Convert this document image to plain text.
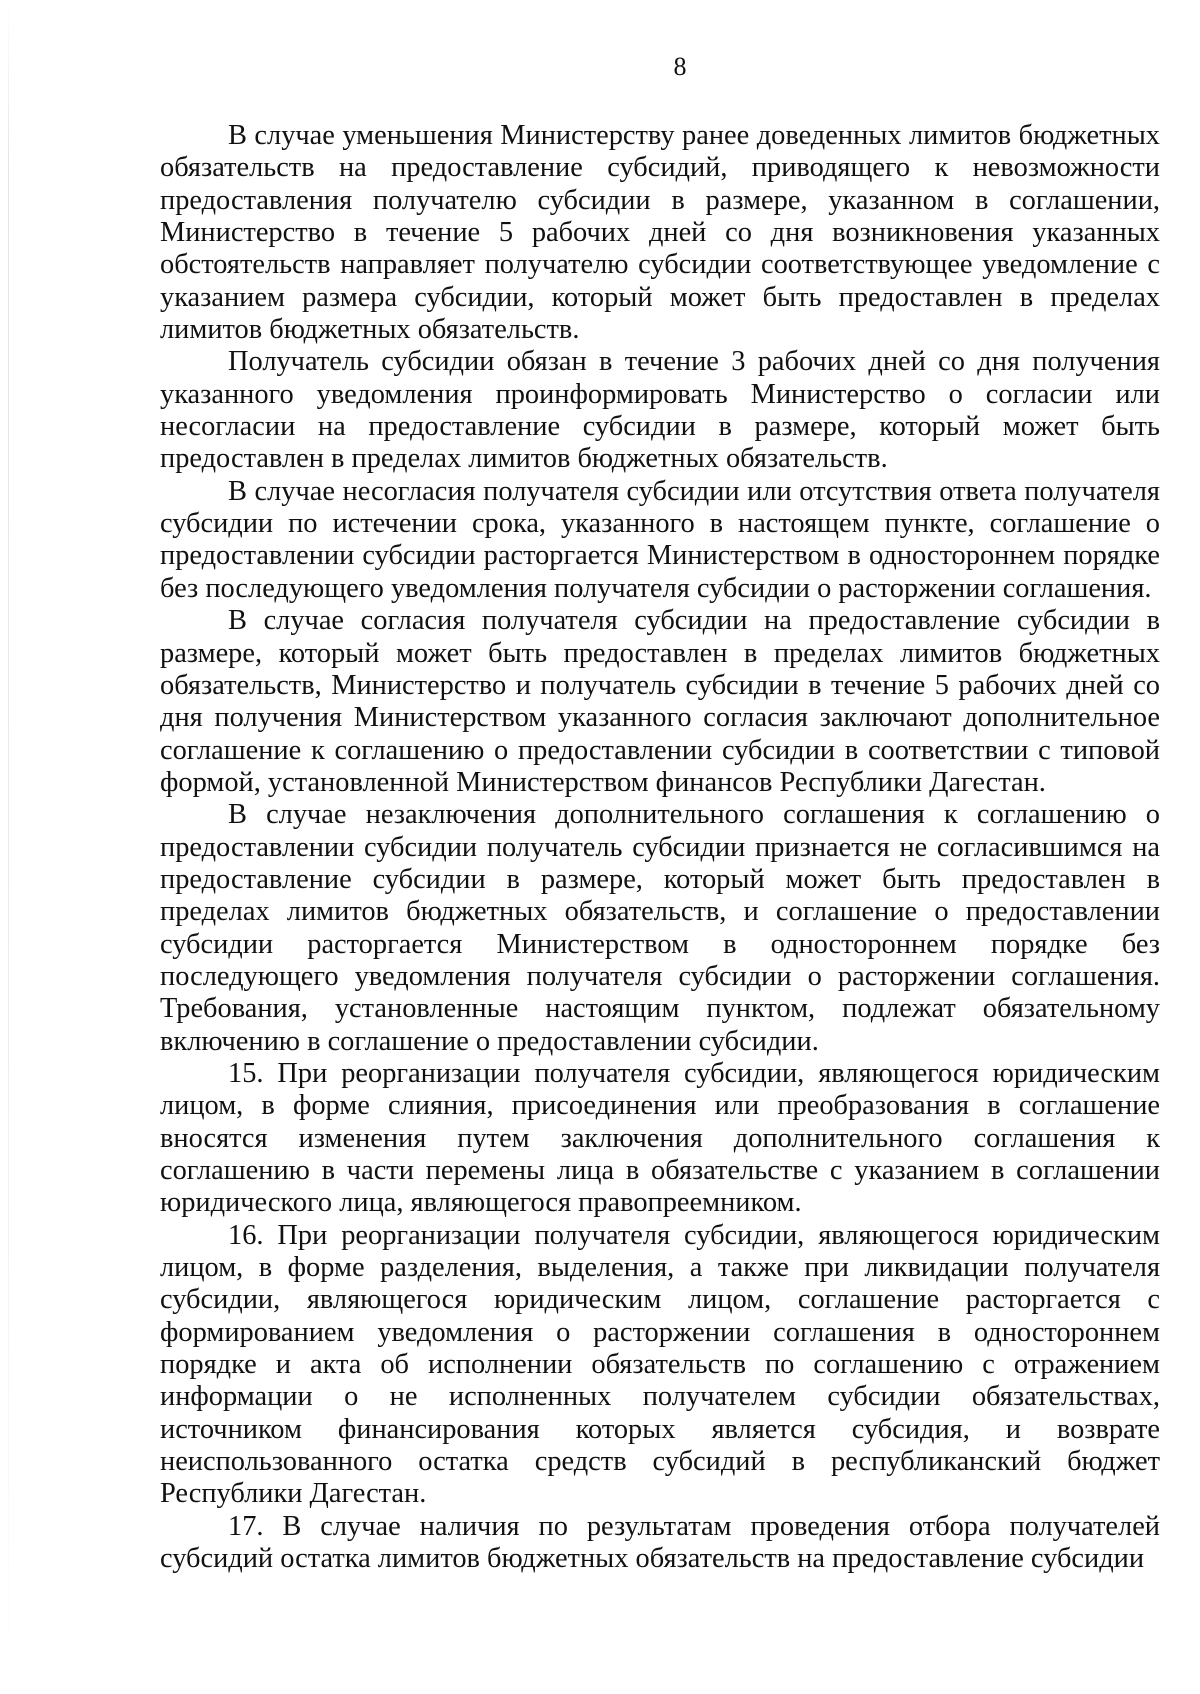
8

В случае уменьшения Министерству ранее доведенных лимитов бюджетных обязательств на предоставление субсидий, приводящего к невозможности предоставления получателю субсидии в размере, указанном в соглашении, Министерство в течение 5 рабочих дней со дня возникновения указанных обстоятельств направляет получателю субсидии соответствующее уведомление с указанием размера субсидии, который может быть предоставлен в пределах лимитов бюджетных обязательств.

Получатель субсидии обязан в течение 3 рабочих дней со дня получения указанного уведомления проинформировать Министерство о согласии или несогласии на предоставление субсидии в размере, который может быть предоставлен в пределах лимитов бюджетных обязательств.

В случае несогласия получателя субсидии или отсутствия ответа получателя субсидии по истечении срока, указанного в настоящем пункте, соглашение о предоставлении субсидии расторгается Министерством в одностороннем порядке без последующего уведомления получателя субсидии о расторжении соглашения.

В случае согласия получателя субсидии на предоставление субсидии в размере, который может быть предоставлен в пределах лимитов бюджетных обязательств, Министерство и получатель субсидии в течение 5 рабочих дней со дня получения Министерством указанного согласия заключают дополнительное соглашение к соглашению о предоставлении субсидии в соответствии с типовой формой, установленной Министерством финансов Республики Дагестан.

В случае незаключения дополнительного соглашения к соглашению о предоставлении субсидии получатель субсидии признается не согласившимся на предоставление субсидии в размере, который может быть предоставлен в пределах лимитов бюджетных обязательств, и соглашение о предоставлении субсидии расторгается Министерством в одностороннем порядке без последующего уведомления получателя субсидии о расторжении соглашения. Требования, установленные настоящим пунктом, подлежат обязательному включению в соглашение о предоставлении субсидии.

15. При реорганизации получателя субсидии, являющегося юридическим лицом, в форме слияния, присоединения или преобразования в соглашение вносятся изменения путем заключения дополнительного соглашения к соглашению в части перемены лица в обязательстве с указанием в соглашении юридического лица, являющегося правопреемником.

16. При реорганизации получателя субсидии, являющегося юридическим лицом, в форме разделения, выделения, а также при ликвидации получателя субсидии, являющегося юридическим лицом, соглашение расторгается с формированием уведомления о расторжении соглашения в одностороннем порядке и акта об исполнении обязательств по соглашению с отражением информации о не исполненных получателем субсидии обязательствах, источником финансирования которых является субсидия, и возврате неиспользованного остатка средств субсидий в республиканский бюджет Республики Дагестан.

17. В случае наличия по результатам проведения отбора получателей субсидий остатка лимитов бюджетных обязательств на предоставление субсидии
